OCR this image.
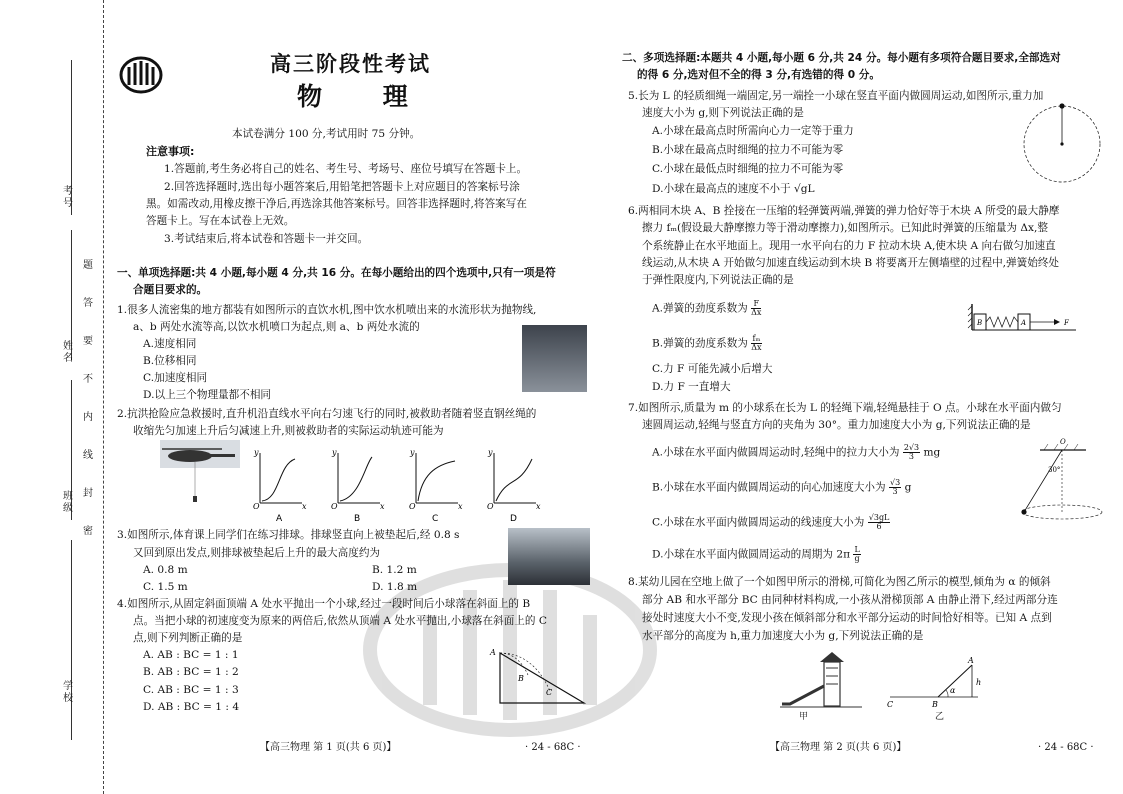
考号
姓名
班级
学校
题
答
要
不
内
线
封
密
高三阶段性考试
物 理
本试卷满分 100 分,考试用时 75 分钟。
注意事项:
1.答题前,考生务必将自己的姓名、考生号、考场号、座位号填写在答题卡上。
2.回答选择题时,选出每小题答案后,用铅笔把答题卡上对应题目的答案标号涂
黑。如需改动,用橡皮擦干净后,再选涂其他答案标号。回答非选择题时,将答案写在
答题卡上。写在本试卷上无效。
3.考试结束后,将本试卷和答题卡一并交回。
一、单项选择题:共 4 小题,每小题 4 分,共 16 分。在每小题给出的四个选项中,只有一项是符
合题目要求的。
1.很多人流密集的地方都装有如图所示的直饮水机,图中饮水机喷出来的水流形状为抛物线,
a、b 两处水流等高,以饮水机喷口为起点,则 a、b 两处水流的
A.速度相同
B.位移相同
C.加速度相同
D.以上三个物理量都不相同
2.抗洪抢险应急救援时,直升机沿直线水平向右匀速飞行的同时,被救助者随着竖直钢丝绳的
收缩先匀加速上升后匀减速上升,则被救助者的实际运动轨迹可能为
y
x
O
y
x
O
y
x
O
y
x
O
A	B	C	D
3.如图所示,体育课上同学们在练习排球。排球竖直向上被垫起后,经 0.8 s
又回到原出发点,则排球被垫起后上升的最大高度约为
A. 0.8 m	B. 1.2 m
C. 1.5 m	D. 1.8 m
4.如图所示,从固定斜面顶端 A 处水平抛出一个小球,经过一段时间后小球落在斜面上的 B
点。当把小球的初速度变为原来的两倍后,依然从顶端 A 处水平抛出,小球落在斜面上的 C
点,则下列判断正确的是
A. AB : BC = 1 : 1
B. AB : BC = 1 : 2
C. AB : BC = 1 : 3
D. AB : BC = 1 : 4
A
B
C
【高三物理 第 1 页(共 6 页)】	· 24 - 68C ·
二、多项选择题:本题共 4 小题,每小题 6 分,共 24 分。每小题有多项符合题目要求,全部选对
的得 6 分,选对但不全的得 3 分,有选错的得 0 分。
5.长为 L 的轻质细绳一端固定,另一端拴一小球在竖直平面内做圆周运动,如图所示,重力加
速度大小为 g,则下列说法正确的是
A.小球在最高点时所需向心力一定等于重力
B.小球在最高点时细绳的拉力不可能为零
C.小球在最低点时细绳的拉力不可能为零
D.小球在最高点的速度不小于 √gL
6.两相同木块 A、B 拴接在一压缩的轻弹簧两端,弹簧的弹力恰好等于木块 A 所受的最大静摩
擦力 fₘ(假设最大静摩擦力等于滑动摩擦力),如图所示。已知此时弹簧的压缩量为 Δx,整
个系统静止在水平地面上。现用一水平向右的力 F 拉动木块 A,使木块 A 向右做匀加速直
线运动,从木块 A 开始做匀加速直线运动到木块 B 将要离开左侧墙壁的过程中,弹簧始终处
于弹性限度内,下列说法正确的是
A.弹簧的劲度系数为 $\frac{F}{\Delta x}$
B.弹簧的劲度系数为 $\frac{\text{fₘ}}{\Delta x}$
C.力 F 可能先减小后增大
D.力 F 一直增大
B	A	F
7.如图所示,质量为 m 的小球系在长为 L 的轻绳下端,轻绳悬挂于 O 点。小球在水平面内做匀
速圆周运动,轻绳与竖直方向的夹角为 30°。重力加速度大小为 g,下列说法正确的是
A.小球在水平面内做圆周运动时,轻绳中的拉力大小为 $\frac{2√3}{3}$ mg
B.小球在水平面内做圆周运动的向心加速度大小为 $\frac{√3}{3}$ g
C.小球在水平面内做圆周运动的线速度大小为 $\frac{√3gL}{6}$
D.小球在水平面内做圆周运动的周期为 $2\pi \frac{L}{g}$
O
30°
8.某幼儿园在空地上做了一个如图甲所示的滑梯,可简化为图乙所示的模型,倾角为 α 的倾斜
部分 AB 和水平部分 BC 由同种材料构成,一小孩从滑梯顶部 A 由静止滑下,经过两部分连
接处时速度大小不变,发现小孩在倾斜部分和水平部分运动的时间恰好相等。已知 A 点到
水平部分的高度为 h,重力加速度大小为 g,下列说法正确的是
甲
A
B
C
α
h
乙
【高三物理 第 2 页(共 6 页)】	· 24 - 68C ·
